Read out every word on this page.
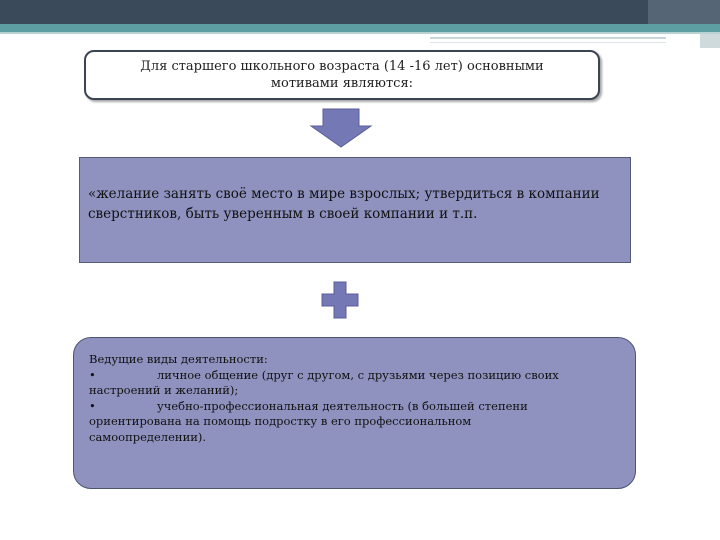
Для старшего школьного возраста (14 -16 лет) основными
мотивами являются:
«желание занять своё место в мире взрослых; утвердиться в компании
сверстников, быть уверенным в своей компании и т.п.
Ведущие виды деятельности:
•	личное общение (друг с другом, с друзьями через позицию своих
настроений и желаний);
•	учебно-профессиональная деятельность (в большей степени
ориентирована на помощь подростку в его профессиональном
самоопределении).
